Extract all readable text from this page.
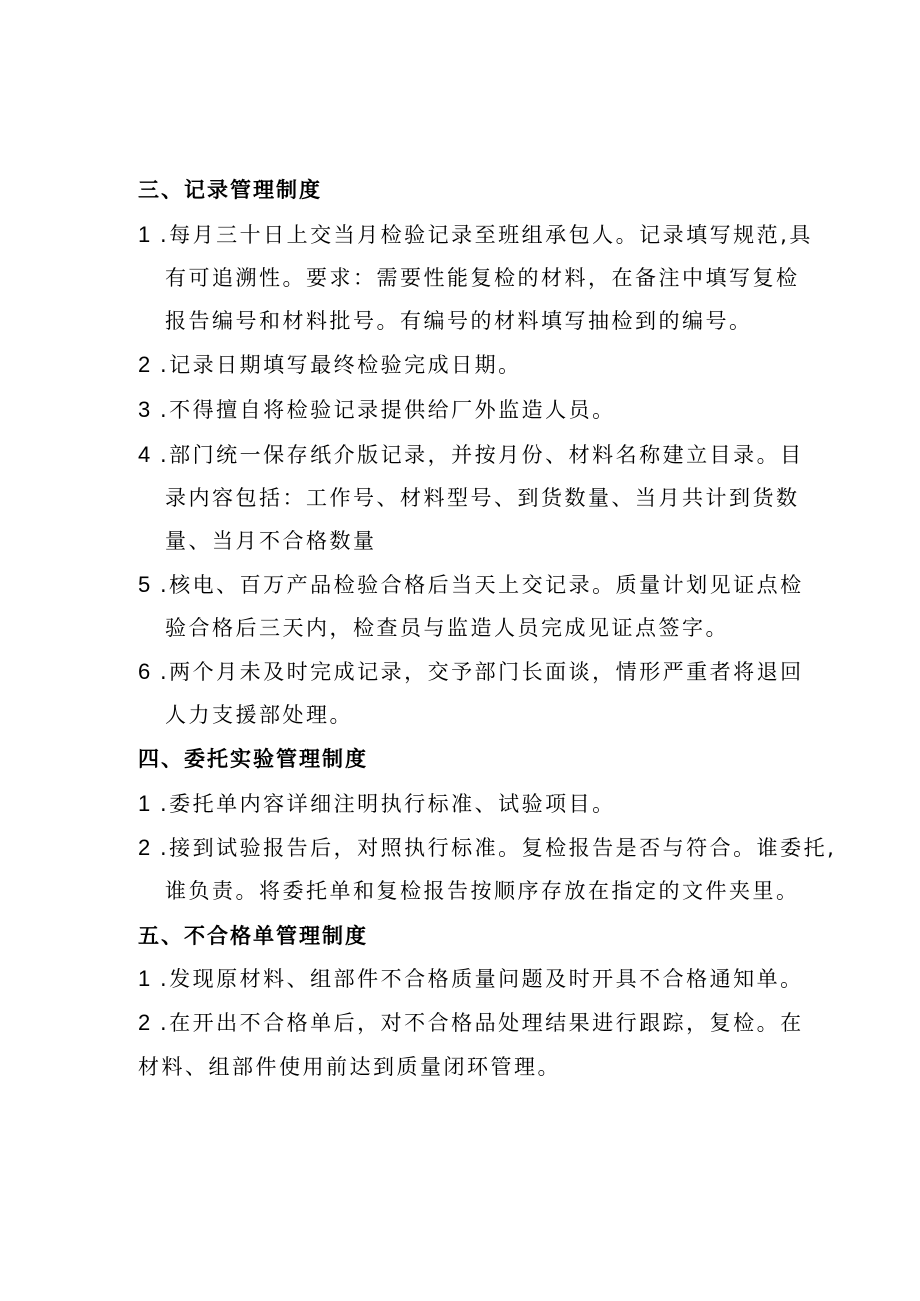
三、记录管理制度
1 .每月三十日上交当月检验记录至班组承包人。记录填写规范,具
有可追溯性。要求：需要性能复检的材料，在备注中填写复检
报告编号和材料批号。有编号的材料填写抽检到的编号。
2 .记录日期填写最终检验完成日期。
3 .不得擅自将检验记录提供给厂外监造人员。
4 .部门统一保存纸介版记录，并按月份、材料名称建立目录。目
录内容包括：工作号、材料型号、到货数量、当月共计到货数
量、当月不合格数量
5 .核电、百万产品检验合格后当天上交记录。质量计划见证点检
验合格后三天内，检查员与监造人员完成见证点签字。
6 .两个月未及时完成记录，交予部门长面谈，情形严重者将退回
人力支援部处理。
四、委托实验管理制度
1 .委托单内容详细注明执行标准、试验项目。
2 .接到试验报告后，对照执行标准。复检报告是否与符合。谁委托,
谁负责。将委托单和复检报告按顺序存放在指定的文件夹里。
五、不合格单管理制度
1 .发现原材料、组部件不合格质量问题及时开具不合格通知单。
2 .在开出不合格单后，对不合格品处理结果进行跟踪，复检。在
材料、组部件使用前达到质量闭环管理。
